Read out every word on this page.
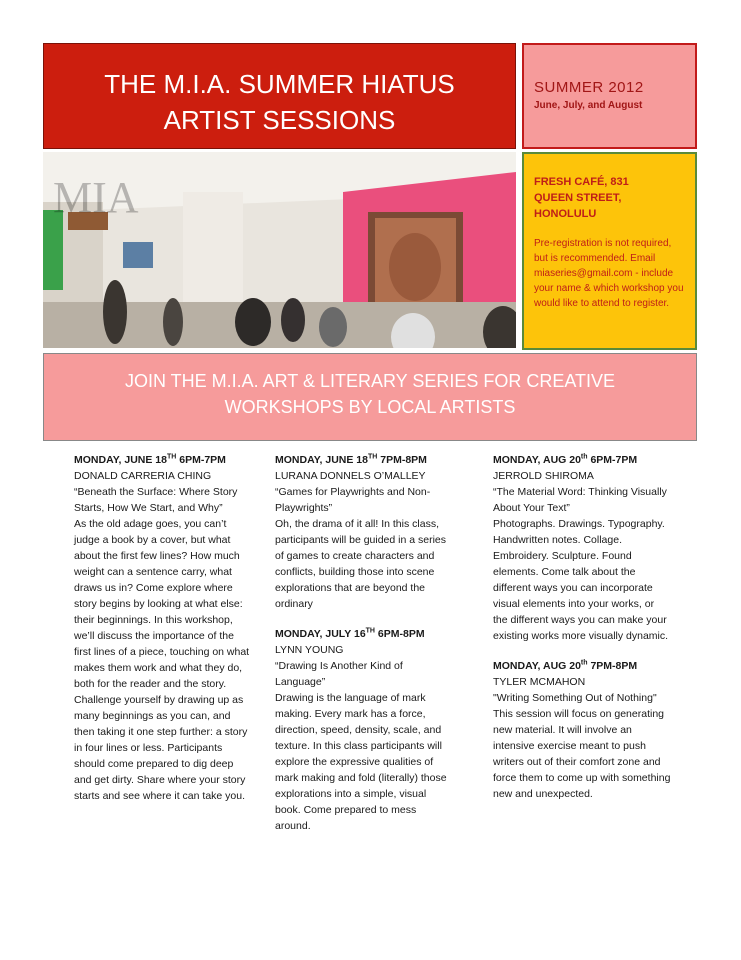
THE M.I.A. SUMMER HIATUS
ARTIST SESSIONS
SUMMER 2012
June, July, and August
MIA	FRESH CAFÉ, 831
QUEEN STREET,
HONOLULU
Pre-registration is not required, but is recommended. Email miaseries@gmail.com - include your name & which workshop you would like to attend to register.
JOIN THE M.I.A. ART & LITERARY SERIES FOR CREATIVE
WORKSHOPS BY LOCAL ARTISTS
MONDAY, JUNE 18TH 6PM-7PM
DONALD CARRERIA CHING
“Beneath the Surface: Where Story Starts, How We Start, and Why”
As the old adage goes, you can’t judge a book by a cover, but what about the first few lines? How much weight can a sentence carry, what draws us in? Come explore where story begins by looking at what else: their beginnings. In this workshop, we’ll discuss the importance of the first lines of a piece, touching on what makes them work and what they do, both for the reader and the story. Challenge yourself by drawing up as many beginnings as you can, and then taking it one step further: a story in four lines or less. Participants should come prepared to dig deep and get dirty. Share where your story starts and see where it can take you.
MONDAY, JUNE 18TH 7PM-8PM
LURANA DONNELS O’MALLEY
“Games for Playwrights and Non-Playwrights”
Oh, the drama of it all! In this class, participants will be guided in a series of games to create characters and conflicts, building those into scene explorations that are beyond the ordinary
MONDAY, JULY 16TH 6PM-8PM
LYNN YOUNG
“Drawing Is Another Kind of Language”
Drawing is the language of mark making. Every mark has a force, direction, speed, density, scale, and texture. In this class participants will explore the expressive qualities of mark making and fold (literally) those explorations into a simple, visual book. Come prepared to mess around.
MONDAY, AUG 20th 6PM-7PM
JERROLD SHIROMA
“The Material Word: Thinking Visually About Your Text”
Photographs. Drawings. Typography. Handwritten notes. Collage. Embroidery. Sculpture. Found elements. Come talk about the different ways you can incorporate visual elements into your works, or the different ways you can make your existing works more visually dynamic.
MONDAY, AUG 20th 7PM-8PM
TYLER MCMAHON
"Writing Something Out of Nothing"
This session will focus on generating new material. It will involve an intensive exercise meant to push writers out of their comfort zone and force them to come up with something new and unexpected.
